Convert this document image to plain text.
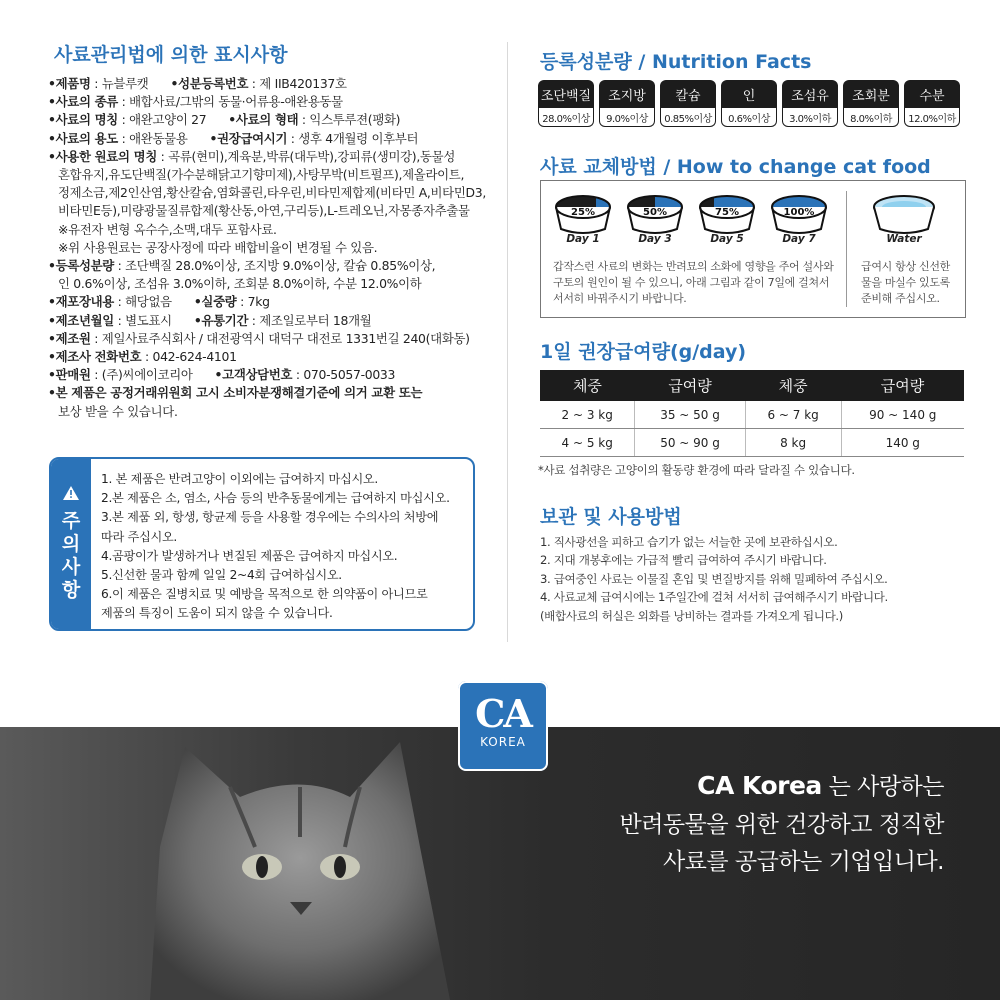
사료관리법에 의한 표시사항
•제품명 : 뉴블루캣 •성분등록번호 : 제 IIB420137호
•사료의 종류 : 배합사료/그밖의 동물·어류용-애완용동물
•사료의 명칭 : 애완고양이 27 •사료의 형태 : 익스투루젼(팽화)
•사료의 용도 : 애완동물용 •권장급여시기 : 생후 4개월령 이후부터
•사용한 원료의 명칭 : 곡류(현미),계육분,박류(대두박),강피류(생미강),동물성
혼합유지,유도단백질(가수분해닭고기향미제),사탕무박(비트펄프),제올라이트,
정제소금,제2인산염,황산칼슘,염화콜린,타우린,비타민제합제(비타민 A,비타민D3,
비타민E등),미량광물질류합제(황산동,아연,구리등),L-트레오닌,자몽종자추출물
※유전자 변형 옥수수,소맥,대두 포함사료.
※위 사용원료는 공장사정에 따라 배합비율이 변경될 수 있음.
•등록성분량 : 조단백질 28.0%이상, 조지방 9.0%이상, 칼슘 0.85%이상,
인 0.6%이상, 조섬유 3.0%이하, 조회분 8.0%이하, 수분 12.0%이하
•재포장내용 : 해당없음 •실중량 : 7kg
•제조년월일 : 별도표시 •유통기간 : 제조일로부터 18개월
•제조원 : 제일사료주식회사 / 대전광역시 대덕구 대전로 1331번길 240(대화동)
•제조사 전화번호 : 042-624-4101
•판매원 : (주)씨에이코리아 •고객상담번호 : 070-5057-0033
•본 제품은 공정거래위원회 고시 소비자분쟁해결기준에 의거 교환 또는
보상 받을 수 있습니다.
주
의
사
항
1. 본 제품은 반려고양이 이외에는 급여하지 마십시오.
2.본 제품은 소, 염소, 사슴 등의 반추동물에게는 급여하지 마십시오.
3.본 제품 외, 항생, 항균제 등을 사용할 경우에는 수의사의 처방에
따라 주십시오.
4.곰팡이가 발생하거나 변질된 제품은 급여하지 마십시오.
5.신선한 물과 함께 일일 2~4회 급여하십시오.
6.이 제품은 질병치료 및 예방을 목적으로 한 의약품이 아니므로
제품의 특징이 도움이 되지 않을 수 있습니다.
등록성분량 / Nutrition Facts
조단백질
28.0%이상
조지방
9.0%이상
칼슘
0.85%이상
인
0.6%이상
조섬유
3.0%이하
조회분
8.0%이하
수분
12.0%이하
사료 교체방법 / How to change cat food
25%
Day 1
50%
Day 3
75%
Day 5
100%
Day 7	Water
갑작스런 사료의 변화는 반려묘의 소화에 영향을 주어 설사와
구토의 원인이 될 수 있으니, 아래 그림과 같이 7일에 걸쳐서
서서히 바꿔주시기 바랍니다.
급여시 항상 신선한
물을 마실수 있도록
준비해 주십시오.
1일 권장급여량(g/day)
체중	급여량	체중	급여량
2 ~ 3 kg	35 ~ 50 g	6 ~ 7 kg	90 ~ 140 g
4 ~ 5 kg	50 ~ 90 g	8 kg	140 g
*사료 섭취량은 고양이의 활동량 환경에 따라 달라질 수 있습니다.
보관 및 사용방법
1. 직사광선을 피하고 습기가 없는 서늘한 곳에 보관하십시오.
2. 지대 개봉후에는 가급적 빨리 급여하여 주시기 바랍니다.
3. 급여중인 사료는 이물질 혼입 및 변질방지를 위해 밀폐하여 주십시오.
4. 사료교체 급여시에는 1주일간에 걸쳐 서서히 급여해주시기 바랍니다.
(배합사료의 허실은 외화를 낭비하는 결과를 가져오게 됩니다.)
CA
KOREA
CA Korea 는 사랑하는
반려동물을 위한 건강하고 정직한
사료를 공급하는 기업입니다.
